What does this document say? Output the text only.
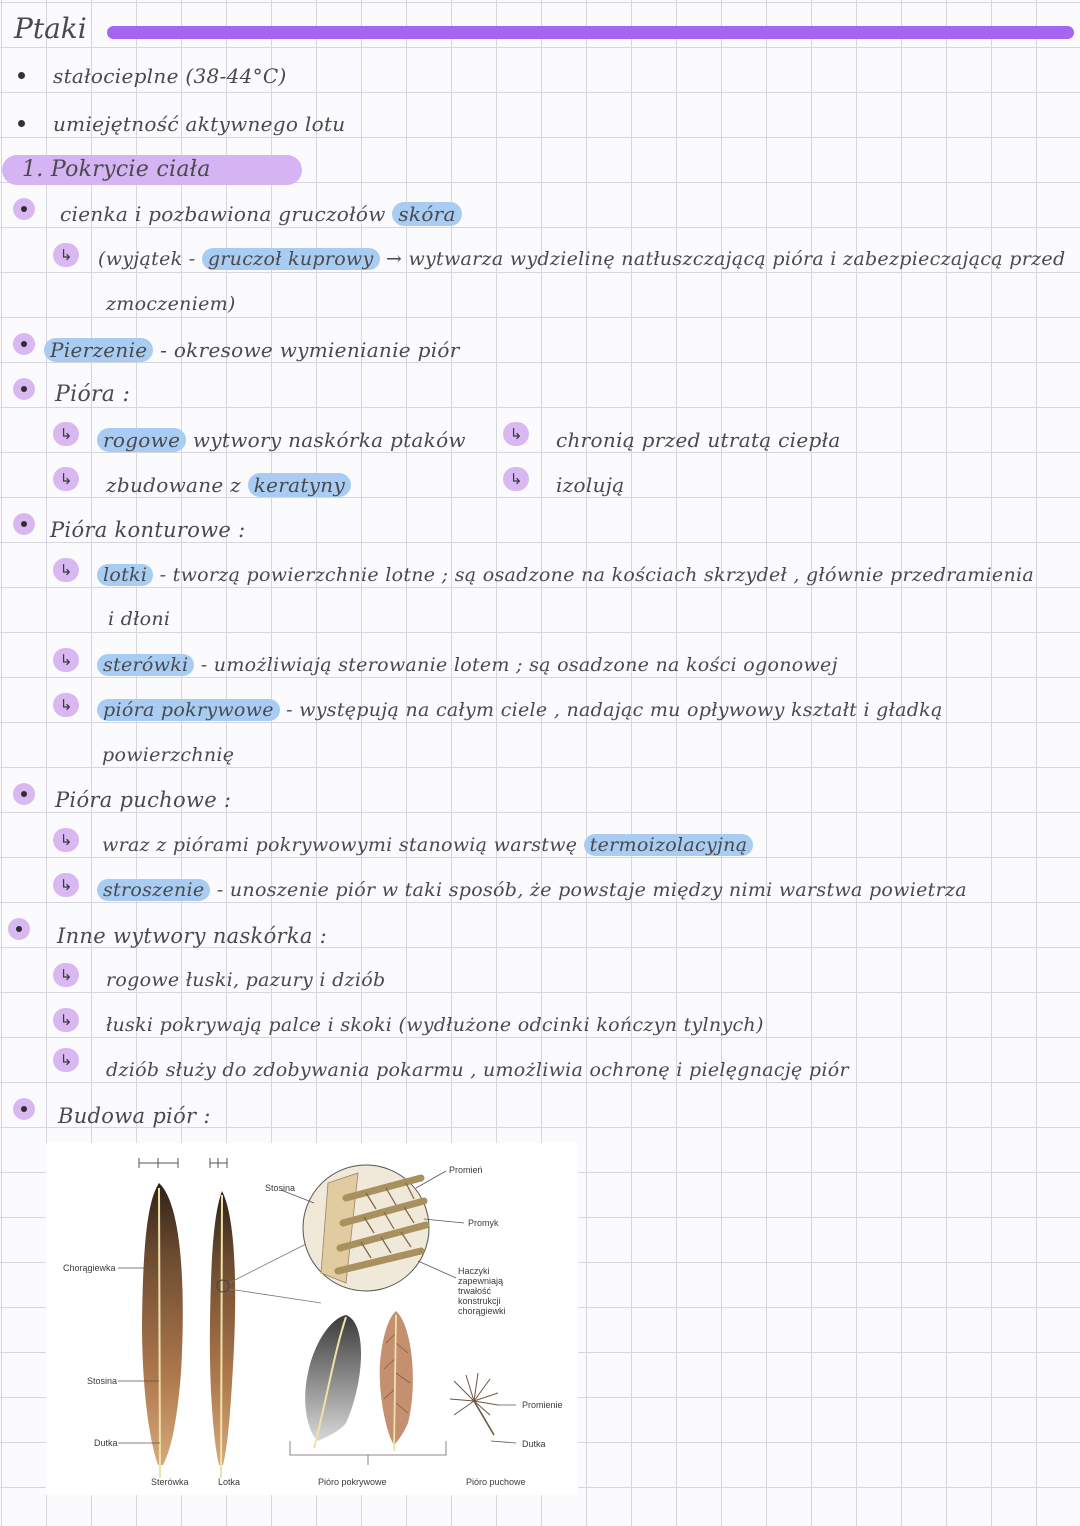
Ptaki
stałocieplne (38-44°C)
umiejętność aktywnego lotu
1. Pokrycie ciała
cienka i pozbawiona gruczołów skóra
↳	(wyjątek - gruczoł kuprowy → wytwarza wydzielinę natłuszczającą pióra i zabezpieczającą przed
zmoczeniem)
Pierzenie - okresowe wymienianie piór
Pióra :
↳	rogowe wytwory naskórka ptaków
↳	zbudowane z keratyny
↳	chronią przed utratą ciepła
↳	izolują
Pióra konturowe :
↳	lotki - tworzą powierzchnie lotne ; są osadzone na kościach skrzydeł , głównie przedramienia
i dłoni
↳	sterówki - umożliwiają sterowanie lotem ; są osadzone na kości ogonowej
↳	pióra pokrywowe - występują na całym ciele , nadając mu opływowy kształt i gładką
powierzchnię
Pióra puchowe :
↳	wraz z piórami pokrywowymi stanowią warstwę termoizolacyjną
↳	stroszenie - unoszenie piór w taki sposób, że powstaje między nimi warstwa powietrza
Inne wytwory naskórka :
↳	rogowe łuski, pazury i dziób
↳	łuski pokrywają palce i skoki (wydłużone odcinki kończyn tylnych)
↳	dziób służy do zdobywania pokarmu , umożliwia ochronę i pielęgnację piór
Budowa piór :
Chorągiewka
Stosina
Dutka
Sterówka	Lotka
Stosina
Promień
Promyk
Haczyki
zapewniają
trwałość
konstrukcji
chorągiewki
Pióro pokrywowe
Promienie
Dutka
Pióro puchowe
